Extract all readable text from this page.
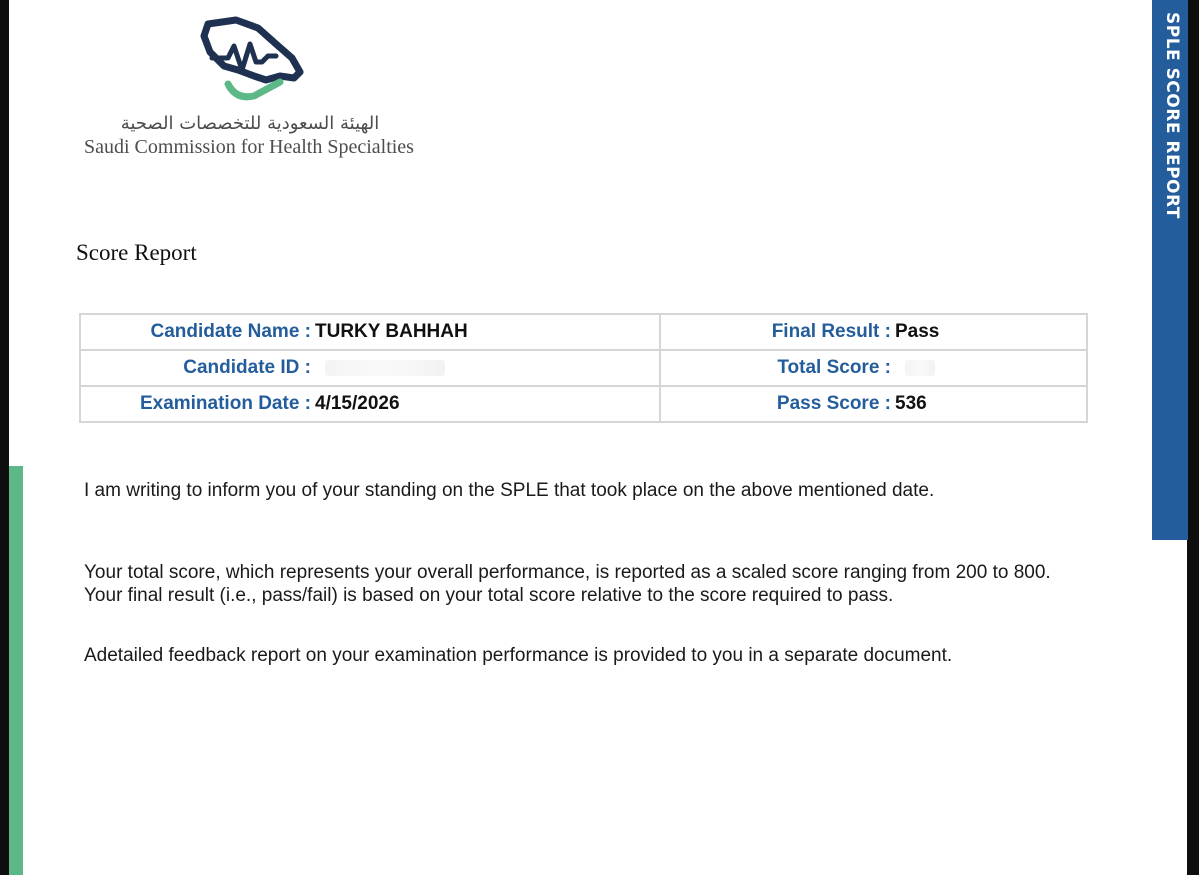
SPLE SCORE REPORT
الهيئة السعودية للتخصصات الصحية
Saudi Commission for Health Specialties
Score Report
Candidate Name : TURKY BAHHAH	Final Result : Pass
Candidate ID :	Total Score :
Examination Date : 4/15/2026	Pass Score : 536
I am writing to inform you of your standing on the SPLE that took place on the above mentioned date.
Your total score, which represents your overall performance, is reported as a scaled score ranging from 200 to 800. Your final result (i.e., pass/fail) is based on your total score relative to the score required to pass.
Adetailed feedback report on your examination performance is provided to you in a separate document.
